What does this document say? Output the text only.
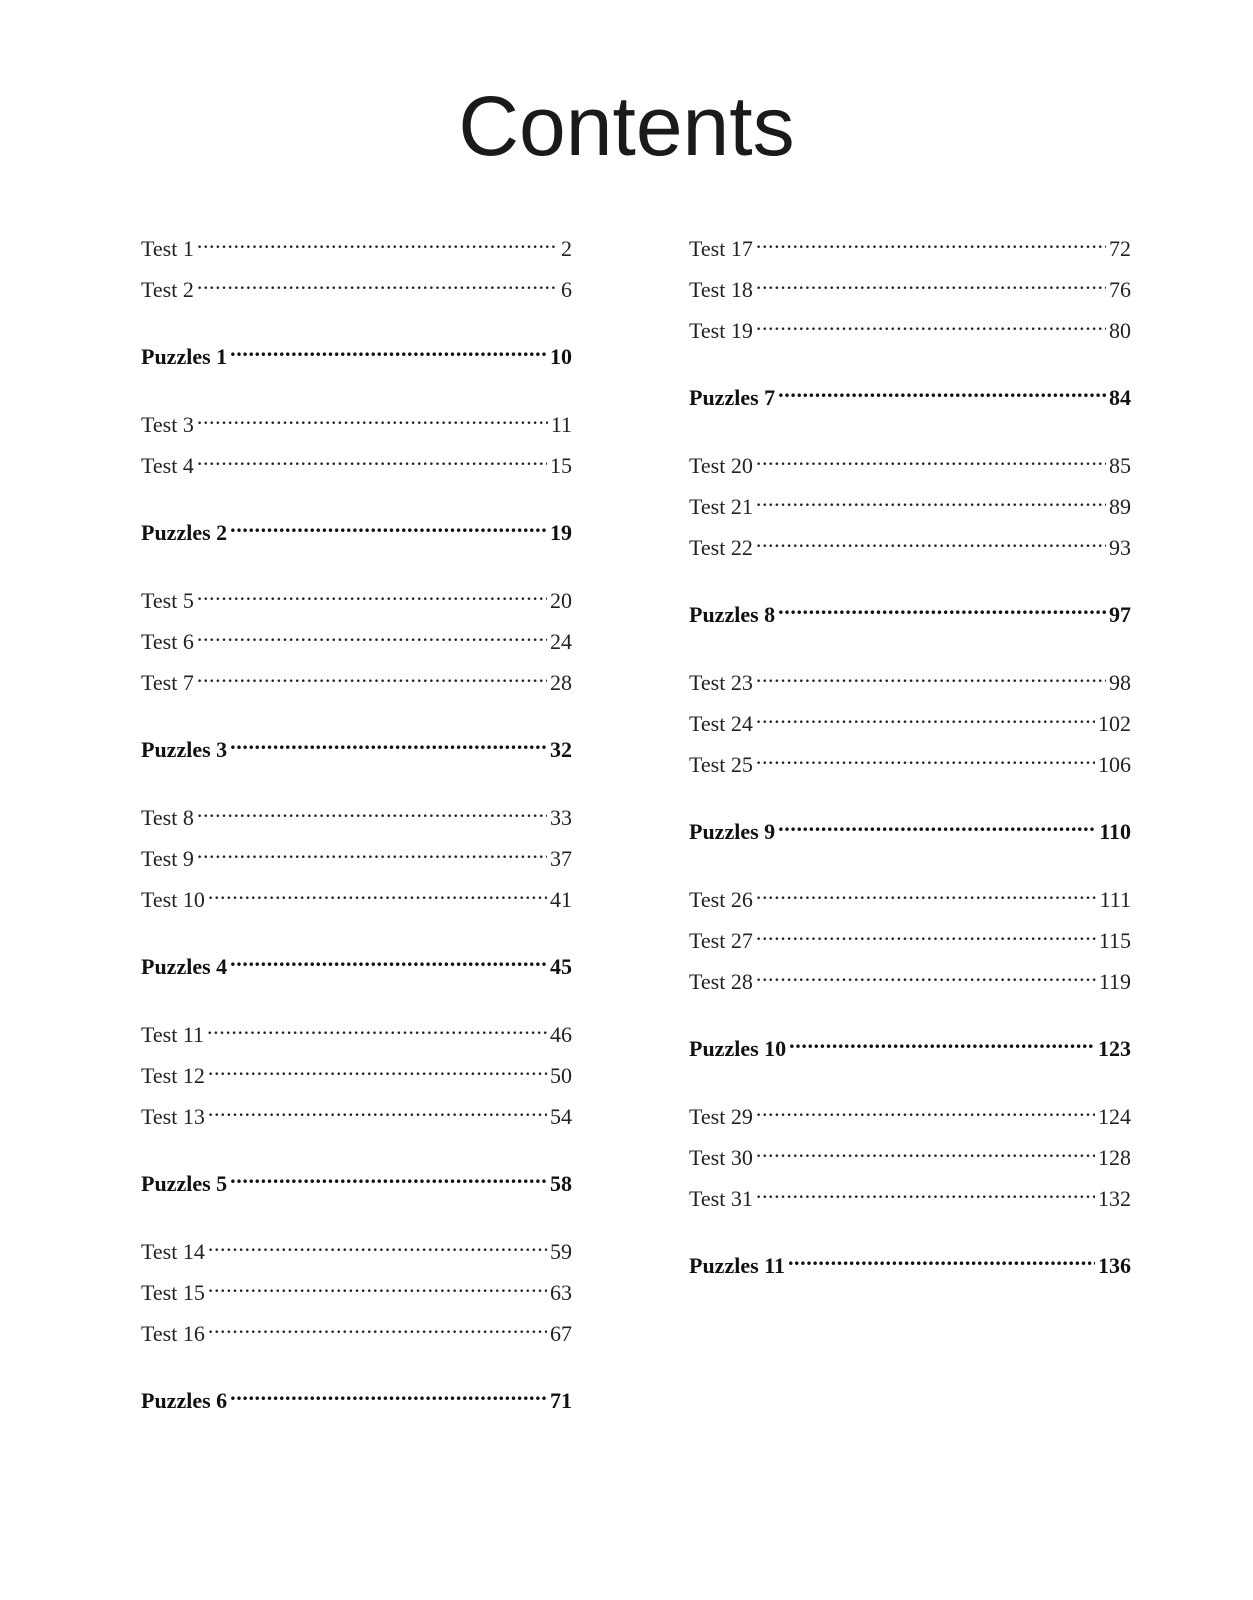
Contents
Test 1 .....	2
Test 2 .....	6
Puzzles 1 .....	10
Test 3 .....	11
Test 4 .....	15
Puzzles 2 .....	19
Test 5 .....	20
Test 6 .....	24
Test 7 .....	28
Puzzles 3 .....	32
Test 8 .....	33
Test 9 .....	37
Test 10 .....	41
Puzzles 4 .....	45
Test 11 .....	46
Test 12 .....	50
Test 13 .....	54
Puzzles 5 .....	58
Test 14 .....	59
Test 15 .....	63
Test 16 .....	67
Puzzles 6 .....	71
Test 17 .....	72
Test 18 .....	76
Test 19 .....	80
Puzzles 7 .....	84
Test 20 .....	85
Test 21 .....	89
Test 22 .....	93
Puzzles 8 .....	97
Test 23 .....	98
Test 24 .....	102
Test 25 .....	106
Puzzles 9 .....	110
Test 26 .....	111
Test 27 .....	115
Test 28 .....	119
Puzzles 10 .....	123
Test 29 .....	124
Test 30 .....	128
Test 31 .....	132
Puzzles 11 .....	136
